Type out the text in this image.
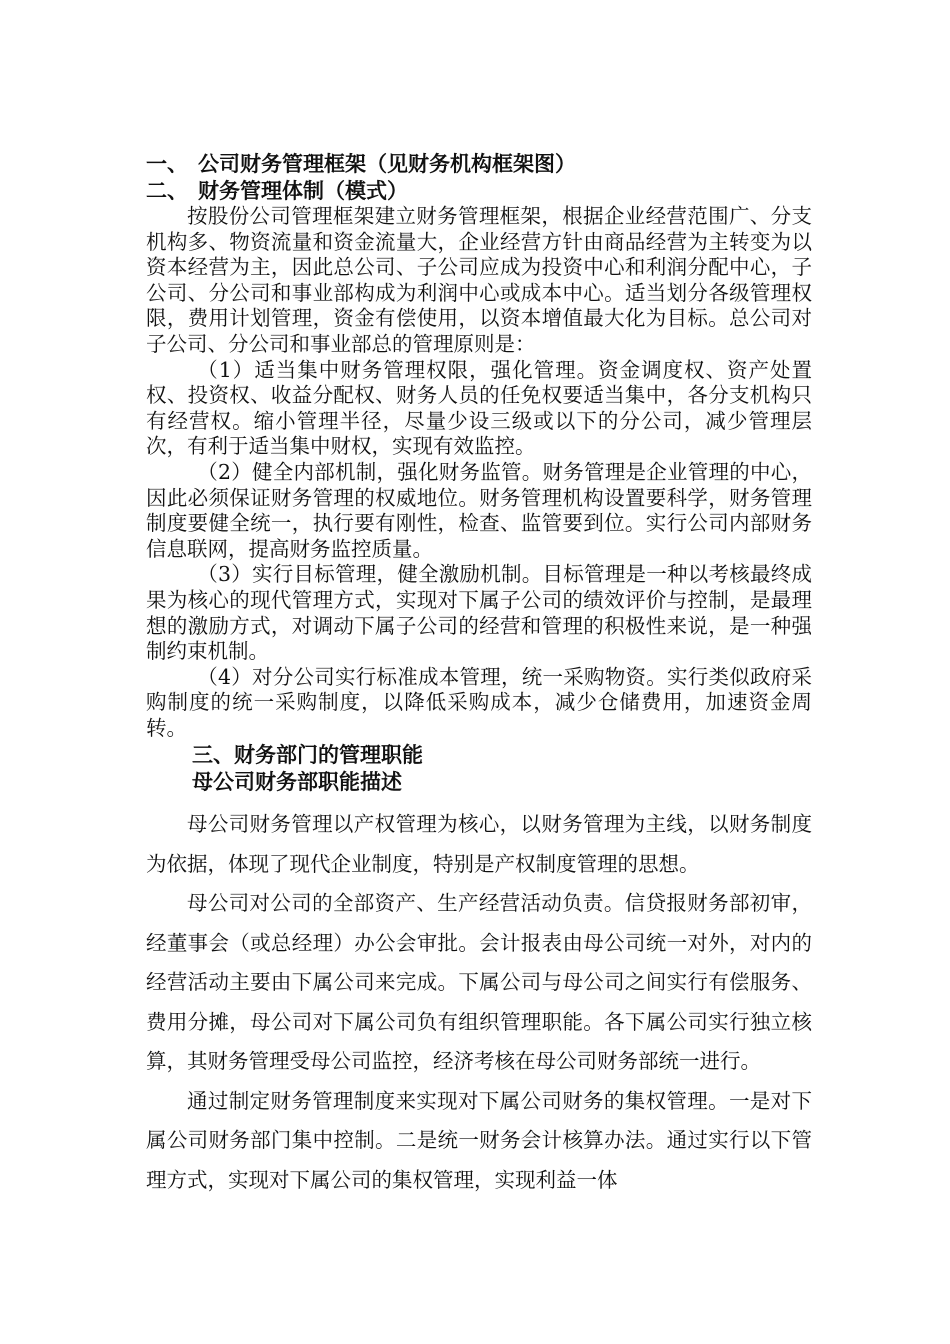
一、 公司财务管理框架（见财务机构框架图）
二、 财务管理体制（模式）

按股份公司管理框架建立财务管理框架，根据企业经营范围广、分支机构多、物资流量和资金流量大，企业经营方针由商品经营为主转变为以资本经营为主，因此总公司、子公司应成为投资中心和利润分配中心，子公司、分公司和事业部构成为利润中心或成本中心。适当划分各级管理权限，费用计划管理，资金有偿使用，以资本增值最大化为目标。总公司对子公司、分公司和事业部总的管理原则是：

（1）适当集中财务管理权限，强化管理。资金调度权、资产处置权、投资权、收益分配权、财务人员的任免权要适当集中，各分支机构只有经营权。缩小管理半径，尽量少设三级或以下的分公司，减少管理层次，有利于适当集中财权，实现有效监控。

（2）健全内部机制，强化财务监管。财务管理是企业管理的中心，因此必须保证财务管理的权威地位。财务管理机构设置要科学，财务管理制度要健全统一，执行要有刚性，检查、监管要到位。实行公司内部财务信息联网，提高财务监控质量。

（3）实行目标管理，健全激励机制。目标管理是一种以考核最终成果为核心的现代管理方式，实现对下属子公司的绩效评价与控制，是最理想的激励方式，对调动下属子公司的经营和管理的积极性来说，是一种强制约束机制。

（4）对分公司实行标准成本管理，统一采购物资。实行类似政府采购制度的统一采购制度，以降低采购成本，减少仓储费用，加速资金周转。

三、财务部门的管理职能
母公司财务部职能描述

母公司财务管理以产权管理为核心，以财务管理为主线，以财务制度为依据，体现了现代企业制度，特别是产权制度管理的思想。

母公司对公司的全部资产、生产经营活动负责。信贷报财务部初审，经董事会（或总经理）办公会审批。会计报表由母公司统一对外，对内的经营活动主要由下属公司来完成。下属公司与母公司之间实行有偿服务、费用分摊，母公司对下属公司负有组织管理职能。各下属公司实行独立核算，其财务管理受母公司监控，经济考核在母公司财务部统一进行。

通过制定财务管理制度来实现对下属公司财务的集权管理。一是对下属公司财务部门集中控制。二是统一财务会计核算办法。通过实行以下管理方式，实现对下属公司的集权管理，实现利益一体
